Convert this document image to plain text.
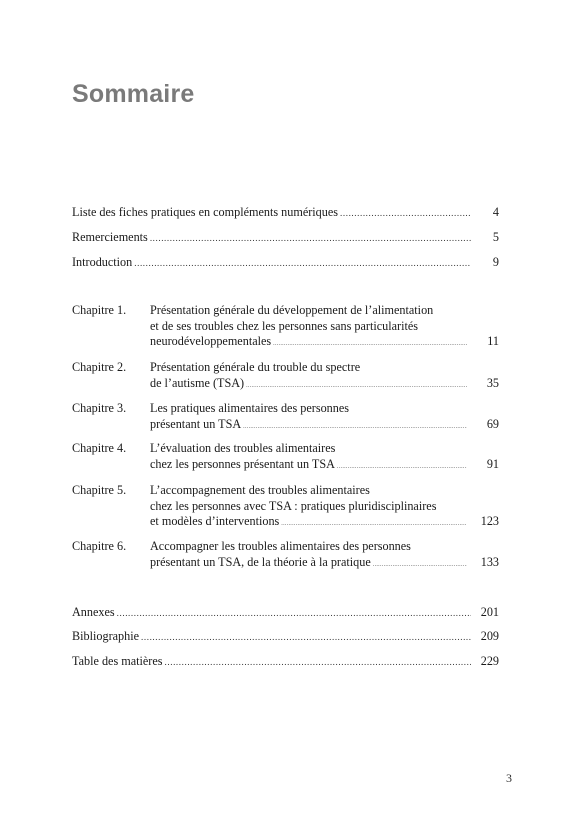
Sommaire
Liste des fiches pratiques en compléments numériques .....	4
Remerciements .....	5
Introduction .....	9
Chapitre 1.	Présentation générale du développement de l’alimentation
et de ses troubles chez les personnes sans particularités
neurodéveloppementales .....	11
Chapitre 2.	Présentation générale du trouble du spectre
de l’autisme (TSA) .....	35
Chapitre 3.	Les pratiques alimentaires des personnes
présentant un TSA .....	69
Chapitre 4.	L’évaluation des troubles alimentaires
chez les personnes présentant un TSA .....	91
Chapitre 5.	L’accompagnement des troubles alimentaires
chez les personnes avec TSA : pratiques pluridisciplinaires
et modèles d’interventions .....	123
Chapitre 6.	Accompagner les troubles alimentaires des personnes
présentant un TSA, de la théorie à la pratique .....	133
Annexes .....	201
Bibliographie .....	209
Table des matières .....	229
3
